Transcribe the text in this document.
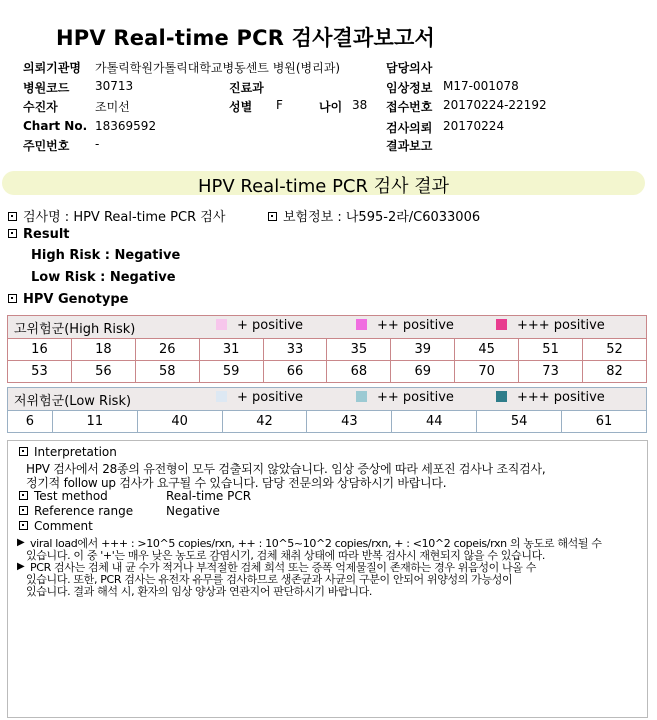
HPV Real-time PCR 검사결과보고서
의뢰기관명 가톨릭학원가톨릭대학교병동센트 병원(병리과)
병원코드 30713	진료과
수진자	조미선	성별 F	나이 38
Chart No. 18369592
주민번호 -
담당의사
임상정보 M17-001078
접수번호 20170224-22192
검사의뢰 20170224
결과보고
HPV Real-time PCR 검사 결과
검사명 : HPV Real-time PCR 검사	보험정보 : 나595-2라/C6033006
Result
High Risk : Negative
Low Risk : Negative
HPV Genotype
고위험군(High Risk)									
16	18	26	31	33	35	39	45	51	52
53	56	58	59	66	68	69	70	73	82
+ positive	++ positive	+++ positive
저위험군(Low Risk)
6	11	40	42	43	44	54	61
+ positive	++ positive	+++ positive
Interpretation
HPV 검사에서 28종의 유전형이 모두 검출되지 않았습니다. 임상 증상에 따라 세포진 검사나 조직검사,
정기적 follow up 검사가 요구될 수 있습니다. 담당 전문의와 상담하시기 바랍니다.
Test method	Real-time PCR
Reference range	Negative
Comment
▶ viral load에서 +++ : >10^5 copies/rxn, ++ : 10^5~10^2 copies/rxn, + : <10^2 copeis/rxn 의 농도로 해석될 수
있습니다. 이 중 '+'는 매우 낮은 농도로 감염시기, 검체 채취 상태에 따라 반복 검사시 재현되지 않을 수 있습니다.
▶ PCR 검사는 검체 내 균 수가 적거나 부적절한 검체 희석 또는 증폭 억제물질이 존재하는 경우 위음성이 나올 수
있습니다. 또한, PCR 검사는 유전자 유무를 검사하므로 생존균과 사균의 구분이 안되어 위양성의 가능성이
있습니다. 결과 해석 시, 환자의 임상 양상과 연관지어 판단하시기 바랍니다.
